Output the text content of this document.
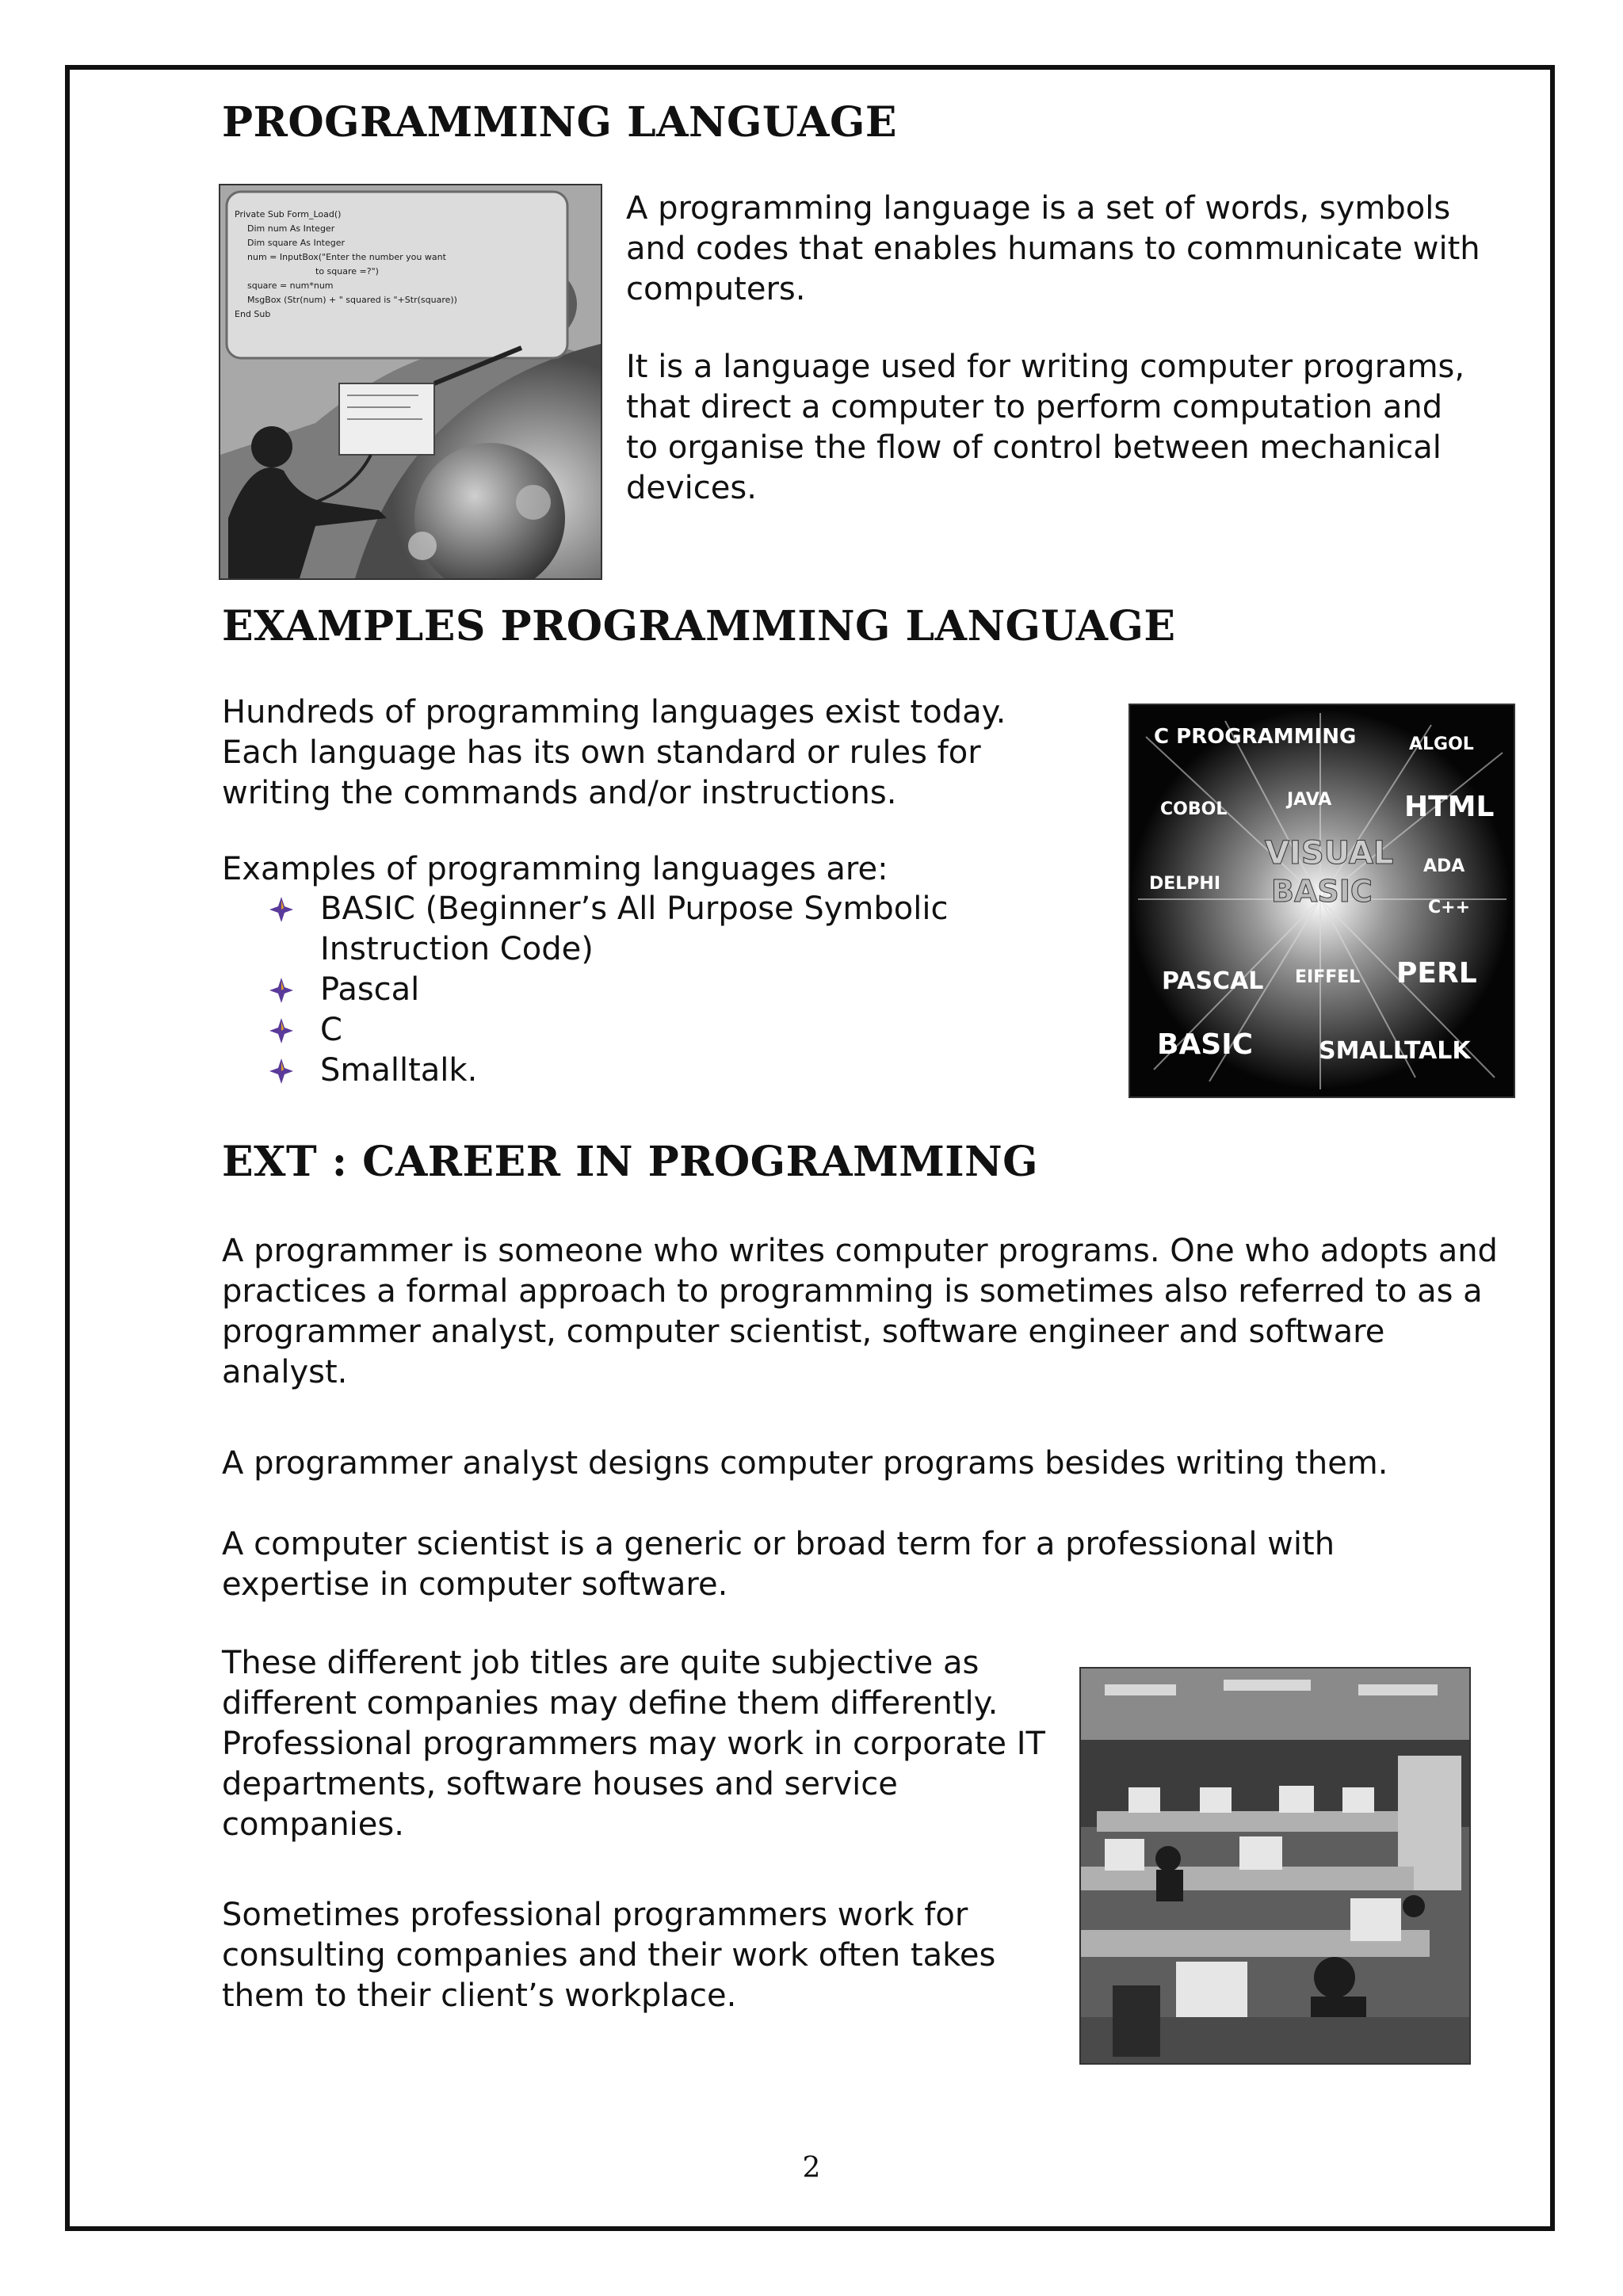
PROGRAMMING LANGUAGE
Private Sub Form_Load()
Dim num As Integer
Dim square As Integer
num = InputBox("Enter the number you want
to square =?")
square = num*num
MsgBox (Str(num) + " squared is "+Str(square))
End Sub

A programming language is a set of words, symbols and codes that enables humans to communicate with computers.

It is a language used for writing computer programs, that direct a computer to perform computation and to organise the flow of control between mechanical devices.

EXAMPLES PROGRAMMING LANGUAGE

Hundreds of programming languages exist today. Each language has its own standard or rules for writing the commands and/or instructions.

Examples of programming languages are:

BASIC (Beginner’s All Purpose Symbolic Instruction Code)
Pascal
C
Smalltalk.
C PROGRAMMING	ALGOL
COBOL	JAVA	HTML
VISUAL
BASIC
ADA
DELPHI
C++
PASCAL EIFFEL PERL
BASIC	SMALLTALK
EXT : CAREER IN PROGRAMMING

A programmer is someone who writes computer programs. One who adopts and practices a formal approach to programming is sometimes also referred to as a programmer analyst, computer scientist, software engineer and software analyst.

A programmer analyst designs computer programs besides writing them.

A computer scientist is a generic or broad term for a professional with expertise in computer software.

These different job titles are quite subjective as different companies may define them differently. Professional programmers may work in corporate IT departments, software houses and service companies.

Sometimes professional programmers work for consulting companies and their work often takes them to their client’s workplace.

2
